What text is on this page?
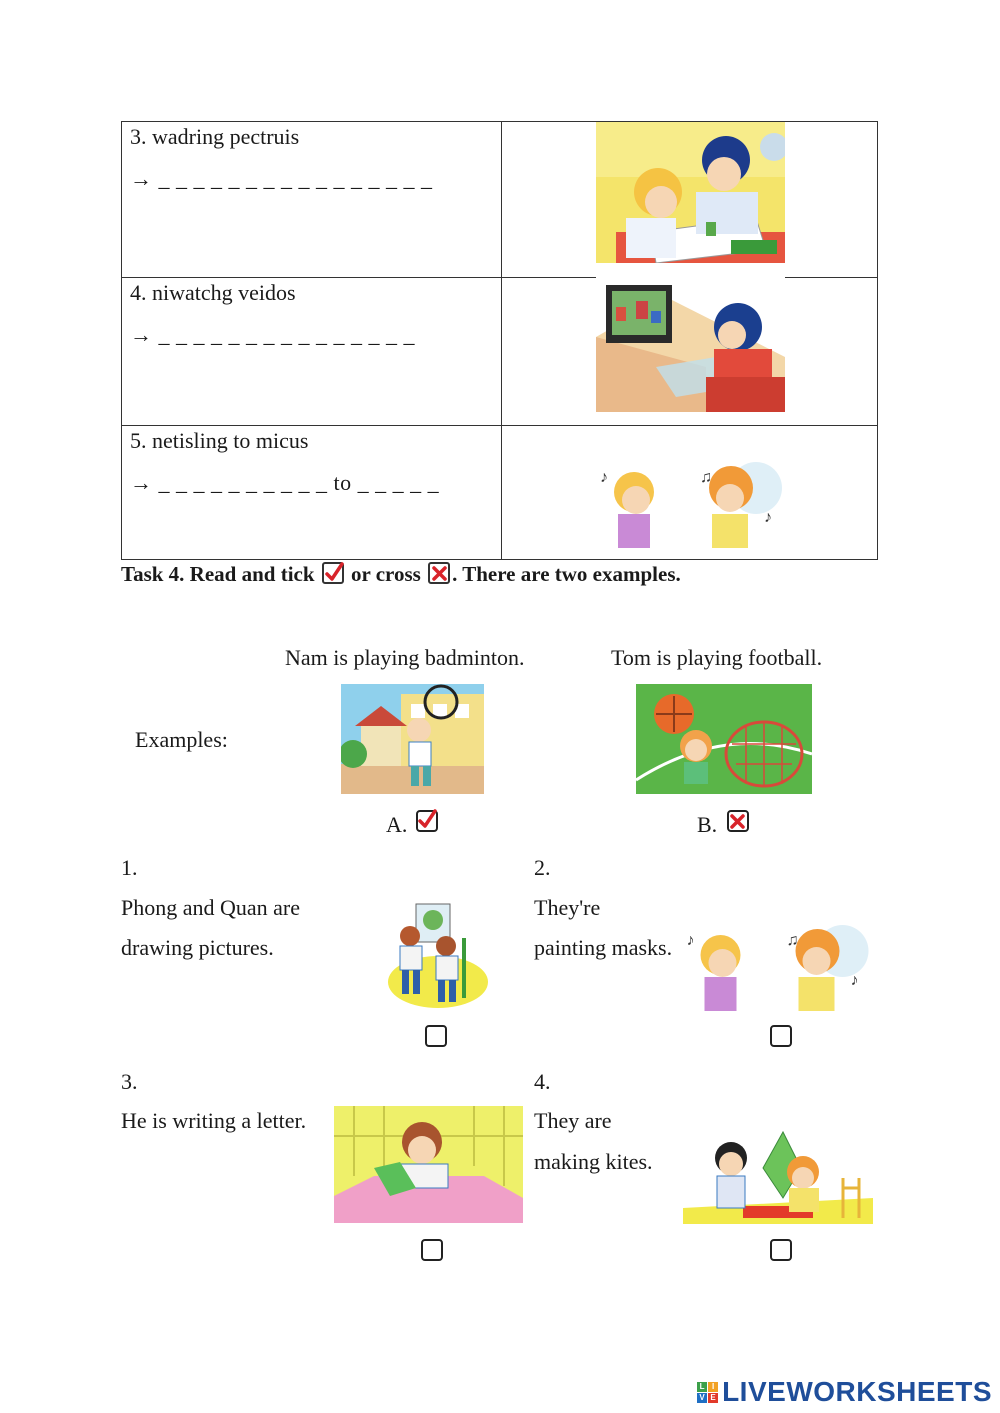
3. wadring pectruis
→ _ _ _ _ _ _ _ _ _ _ _ _ _ _ _ _
4. niwatchg veidos
→ _ _ _ _ _ _ _ _ _ _ _ _ _ _ _
5. netisling to micus
→ _ _ _ _ _ _ _ _ _ _ to _ _ _ _ _	♪	♫
♪
Task 4. Read and tick or cross . There are two examples.
Nam is playing badminton.	Tom is playing football.
Examples:
A.	B.
1.
Phong and Quan are
drawing pictures.
2.
They're
painting masks. ♪	♫
♪
3.
He is writing a letter.
4.
They are
making kites.
L I
V E LIVEWORKSHEETS
